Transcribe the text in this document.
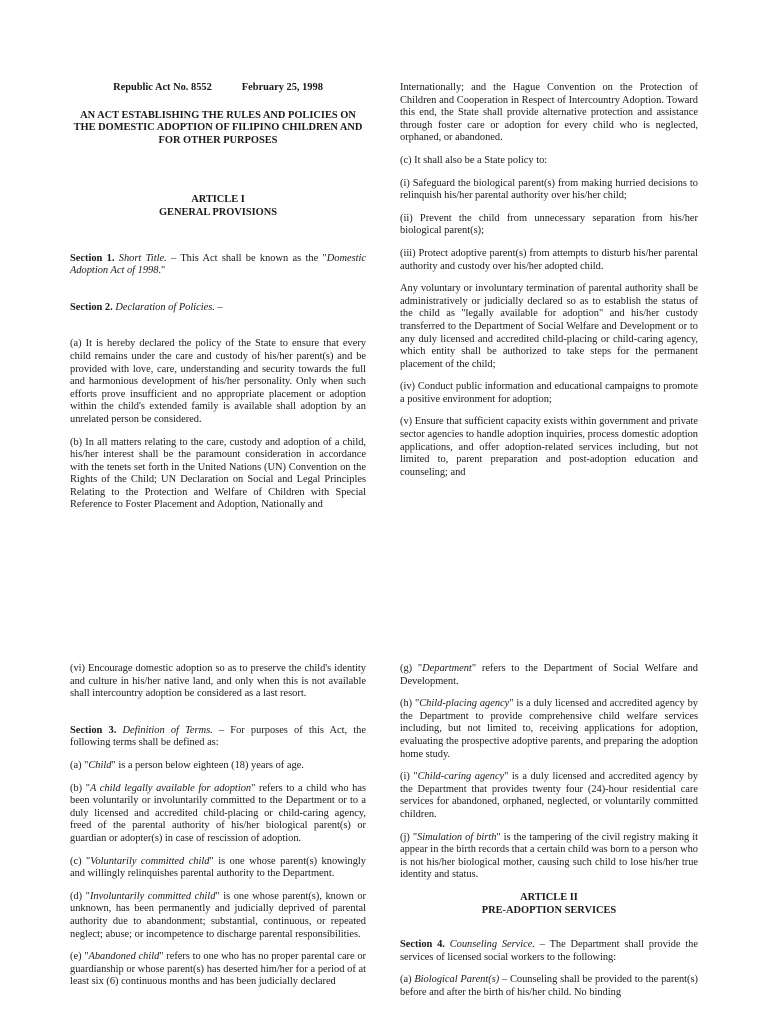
Republic Act No. 8552	February 25, 1998
AN ACT ESTABLISHING THE RULES AND POLICIES ON THE DOMESTIC ADOPTION OF FILIPINO CHILDREN AND FOR OTHER PURPOSES
ARTICLE I
GENERAL PROVISIONS

Section 1. Short Title. – This Act shall be known as the "Domestic Adoption Act of 1998."

Section 2. Declaration of Policies. –

(a) It is hereby declared the policy of the State to ensure that every child remains under the care and custody of his/her parent(s) and be provided with love, care, understanding and security towards the full and harmonious development of his/her personality. Only when such efforts prove insufficient and no appropriate placement or adoption within the child's extended family is available shall adoption by an unrelated person be considered.

(b) In all matters relating to the care, custody and adoption of a child, his/her interest shall be the paramount consideration in accordance with the tenets set forth in the United Nations (UN) Convention on the Rights of the Child; UN Declaration on Social and Legal Principles Relating to the Protection and Welfare of Children with Special Reference to Foster Placement and Adoption, Nationally and

Internationally; and the Hague Convention on the Protection of Children and Cooperation in Respect of Intercountry Adoption. Toward this end, the State shall provide alternative protection and assistance through foster care or adoption for every child who is neglected, orphaned, or abandoned.

(c) It shall also be a State policy to:

(i) Safeguard the biological parent(s) from making hurried decisions to relinquish his/her parental authority over his/her child;

(ii) Prevent the child from unnecessary separation from his/her biological parent(s);

(iii) Protect adoptive parent(s) from attempts to disturb his/her parental authority and custody over his/her adopted child.

Any voluntary or involuntary termination of parental authority shall be administratively or judicially declared so as to establish the status of the child as "legally available for adoption" and his/her custody transferred to the Department of Social Welfare and Development or to any duly licensed and accredited child-placing or child-caring agency, which entity shall be authorized to take steps for the permanent placement of the child;

(iv) Conduct public information and educational campaigns to promote a positive environment for adoption;

(v) Ensure that sufficient capacity exists within government and private sector agencies to handle adoption inquiries, process domestic adoption applications, and offer adoption-related services including, but not limited to, parent preparation and post-adoption education and counseling; and

(vi) Encourage domestic adoption so as to preserve the child's identity and culture in his/her native land, and only when this is not available shall intercountry adoption be considered as a last resort.

Section 3. Definition of Terms. – For purposes of this Act, the following terms shall be defined as:

(a) "Child" is a person below eighteen (18) years of age.

(b) "A child legally available for adoption" refers to a child who has been voluntarily or involuntarily committed to the Department or to a duly licensed and accredited child-placing or child-caring agency, freed of the parental authority of his/her biological parent(s) or guardian or adopter(s) in case of rescission of adoption.

(c) "Voluntarily committed child" is one whose parent(s) knowingly and willingly relinquishes parental authority to the Department.

(d) "Involuntarily committed child" is one whose parent(s), known or unknown, has been permanently and judicially deprived of parental authority due to abandonment; substantial, continuous, or repeated neglect; abuse; or incompetence to discharge parental responsibilities.

(e) "Abandoned child" refers to one who has no proper parental care or guardianship or whose parent(s) has deserted him/her for a period of at least six (6) continuous months and has been judicially declared

(g) "Department" refers to the Department of Social Welfare and Development.

(h) "Child-placing agency" is a duly licensed and accredited agency by the Department to provide comprehensive child welfare services including, but not limited to, receiving applications for adoption, evaluating the prospective adoptive parents, and preparing the adoption home study.

(i) "Child-caring agency" is a duly licensed and accredited agency by the Department that provides twenty four (24)-hour residential care services for abandoned, orphaned, neglected, or voluntarily committed children.

(j) "Simulation of birth" is the tampering of the civil registry making it appear in the birth records that a certain child was born to a person who is not his/her biological mother, causing such child to lose his/her true identity and status.

ARTICLE II
PRE-ADOPTION SERVICES

Section 4. Counseling Service. – The Department shall provide the services of licensed social workers to the following:

(a) Biological Parent(s) – Counseling shall be provided to the parent(s) before and after the birth of his/her child. No binding
